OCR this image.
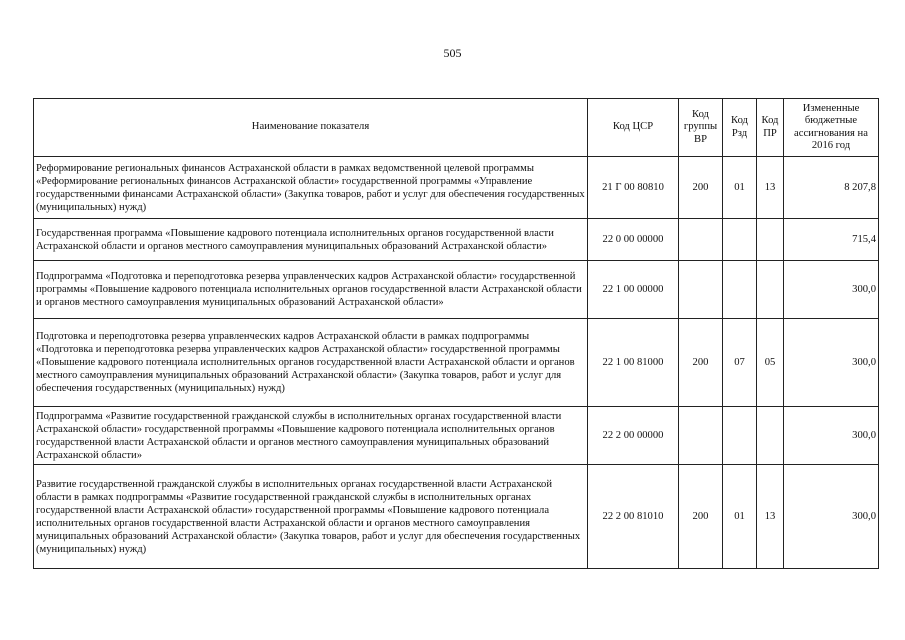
505
Наименование показателя	Код ЦСР	Код группы ВР	Код Рзд	Код ПР	Измененные бюджетные ассигнования на 2016 год
Реформирование региональных финансов Астраханской области в рамках ведомственной целевой программы «Реформирование региональных финансов Астраханской области» государственной программы «Управление государственными финансами Астраханской области» (Закупка товаров, работ и услуг для обеспечения государственных (муниципальных) нужд)	21 Г 00 80810	200	01	13	8 207,8
Государственная программа «Повышение кадрового потенциала исполнительных органов государственной власти Астраханской области и органов местного самоуправления муниципальных образований Астраханской области»	22 0 00 00000				715,4
Подпрограмма «Подготовка и переподготовка резерва управленческих кадров Астраханской области» государственной программы «Повышение кадрового потенциала исполнительных органов государственной власти Астраханской области и органов местного самоуправления муниципальных образований Астраханской области»	22 1 00 00000				300,0
Подготовка и переподготовка резерва управленческих кадров Астраханской области в рамках подпрограммы «Подготовка и переподготовка резерва управленческих кадров Астраханской области» государственной программы «Повышение кадрового потенциала исполнительных органов государственной власти Астраханской области и органов местного самоуправления муниципальных образований Астраханской области» (Закупка товаров, работ и услуг для обеспечения государственных (муниципальных) нужд)	22 1 00 81000	200	07	05	300,0
Подпрограмма «Развитие государственной гражданской службы в исполнительных органах государственной власти Астраханской области» государственной программы «Повышение кадрового потенциала исполнительных органов государственной власти Астраханской области и органов местного самоуправления муниципальных образований Астраханской области»	22 2 00 00000				300,0
Развитие государственной гражданской службы в исполнительных органах государственной власти Астраханской области в рамках подпрограммы «Развитие государственной гражданской службы в исполнительных органах государственной власти Астраханской области» государственной программы «Повышение кадрового потенциала исполнительных органов государственной власти Астраханской области и органов местного самоуправления муниципальных образований Астраханской области» (Закупка товаров, работ и услуг для обеспечения государственных (муниципальных) нужд)	22 2 00 81010	200	01	13	300,0
